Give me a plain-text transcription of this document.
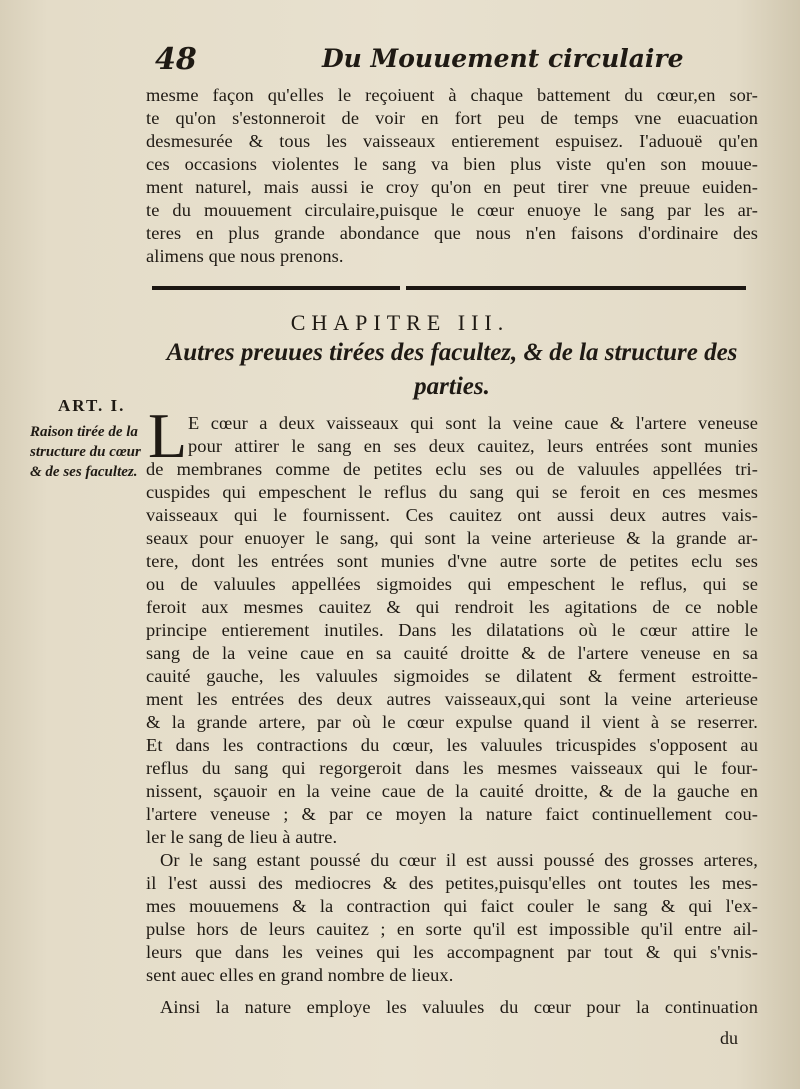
48	Du Mouuement circulaire
mesme façon qu'elles le reçoiuent à chaque battement du cœur,en sor-
te qu'on s'estonneroit de voir en fort peu de temps vne euacuation
desmesurée & tous les vaisseaux entierement espuisez. I'aduouë qu'en
ces occasions violentes le sang va bien plus viste qu'en son mouue-
ment naturel, mais aussi ie croy qu'on en peut tirer vne preuue euiden-
te du mouuement circulaire,puisque le cœur enuoye le sang par les ar-
teres en plus grande abondance que nous n'en faisons d'ordinaire des
alimens que nous prenons.
CHAPITRE III.
Autres preuues tirées des facultez, & de la structure des parties.
ART. I.
Raison tirée de la structure du cœur & de ses facultez.
L E cœur a deux vaisseaux qui sont la veine caue & l'artere veneuse
pour attirer le sang en ses deux cauitez, leurs entrées sont munies
de membranes comme de petites eclu ses ou de valuules appellées tri-
cuspides qui empeschent le reflus du sang qui se feroit en ces mesmes
vaisseaux qui le fournissent. Ces cauitez ont aussi deux autres vais-
seaux pour enuoyer le sang, qui sont la veine arterieuse & la grande ar-
tere, dont les entrées sont munies d'vne autre sorte de petites eclu ses
ou de valuules appellées sigmoides qui empeschent le reflus, qui se
feroit aux mesmes cauitez & qui rendroit les agitations de ce noble
principe entierement inutiles. Dans les dilatations où le cœur attire le
sang de la veine caue en sa cauité droitte & de l'artere veneuse en sa
cauité gauche, les valuules sigmoides se dilatent & ferment estroitte-
ment les entrées des deux autres vaisseaux,qui sont la veine arterieuse
& la grande artere, par où le cœur expulse quand il vient à se reserrer.
Et dans les contractions du cœur, les valuules tricuspides s'opposent au
reflus du sang qui regorgeroit dans les mesmes vaisseaux qui le four-
nissent, sçauoir en la veine caue de la cauité droitte, & de la gauche en
l'artere veneuse ; & par ce moyen la nature faict continuellement cou-
ler le sang de lieu à autre.
Or le sang estant poussé du cœur il est aussi poussé des grosses arteres,
il l'est aussi des mediocres & des petites,puisqu'elles ont toutes les mes-
mes mouuemens & la contraction qui faict couler le sang & qui l'ex-
pulse hors de leurs cauitez ; en sorte qu'il est impossible qu'il entre ail-
leurs que dans les veines qui les accompagnent par tout & qui s'vnis-
sent auec elles en grand nombre de lieux.
Ainsi la nature employe les valuules du cœur pour la continuation
du
